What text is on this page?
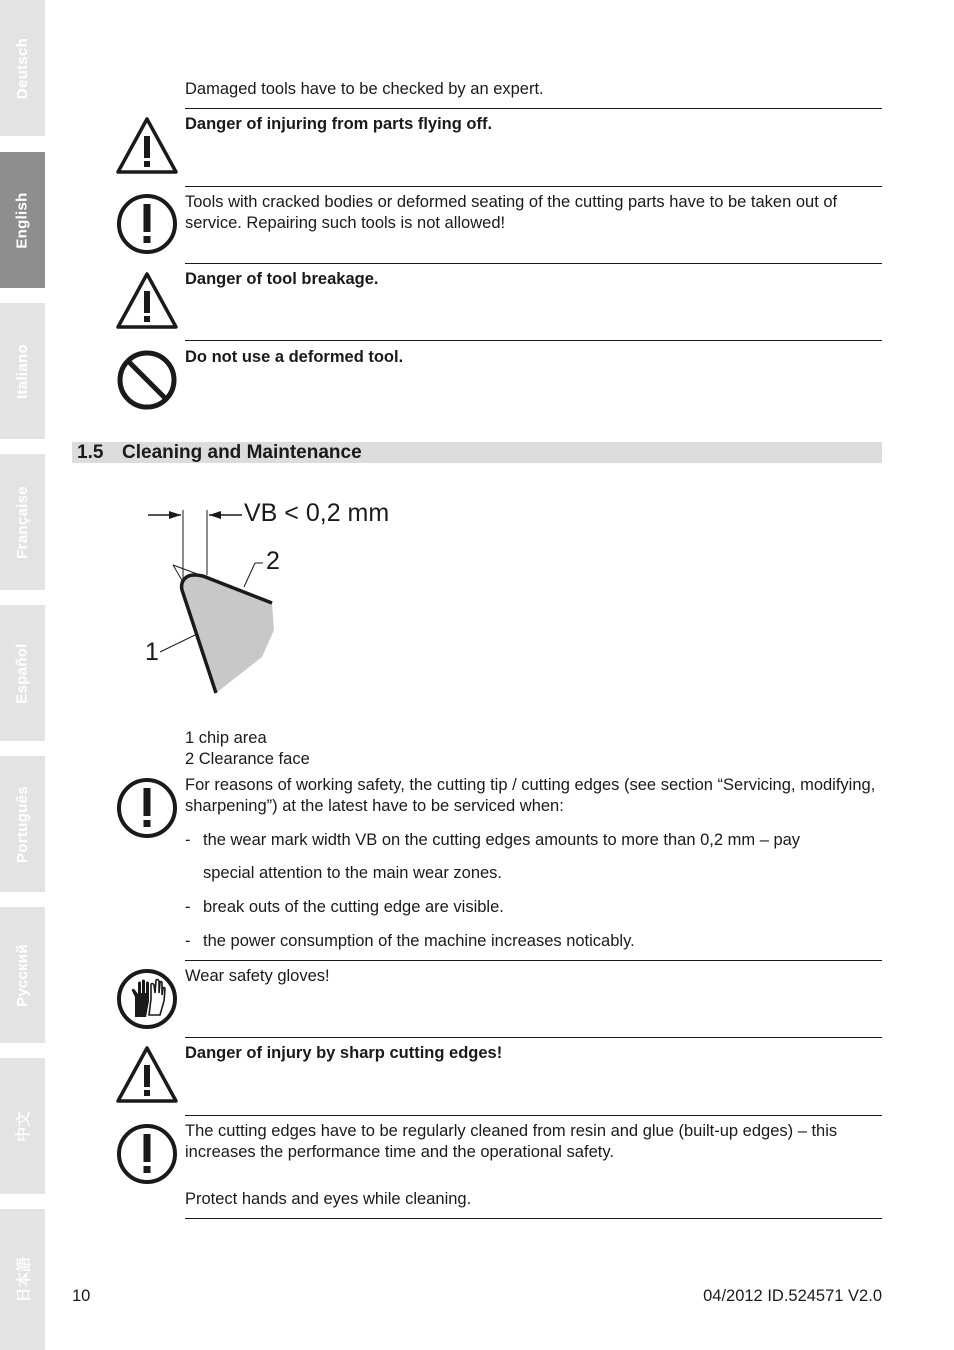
Deutsch
English
Italiano
Française
Español
Português
Русский
中文
日本語
Damaged tools have to be checked by an expert.
Danger of injuring from parts flying off.
Tools with cracked bodies or deformed seating of the cutting parts have to be taken out of service. Repairing such tools is not allowed!
Danger of tool breakage.
Do not use a deformed tool.
1.5 Cleaning and Maintenance
VB < 0,2 mm
2
1
1 chip area
2 Clearance face
For reasons of working safety, the cutting tip / cutting edges (see section “Servicing, modifying, sharpening”) at the latest have to be serviced when:
- the wear mark width VB on the cutting edges amounts to more than 0,2 mm – pay
special attention to the main wear zones.
- break outs of the cutting edge are visible.
- the power consumption of the machine increases noticably.
Wear safety gloves!
Danger of injury by sharp cutting edges!
The cutting edges have to be regularly cleaned from resin and glue (built-up edges) – this increases the performance time and the operational safety.
Protect hands and eyes while cleaning.
10	04/2012 ID.524571 V2.0
